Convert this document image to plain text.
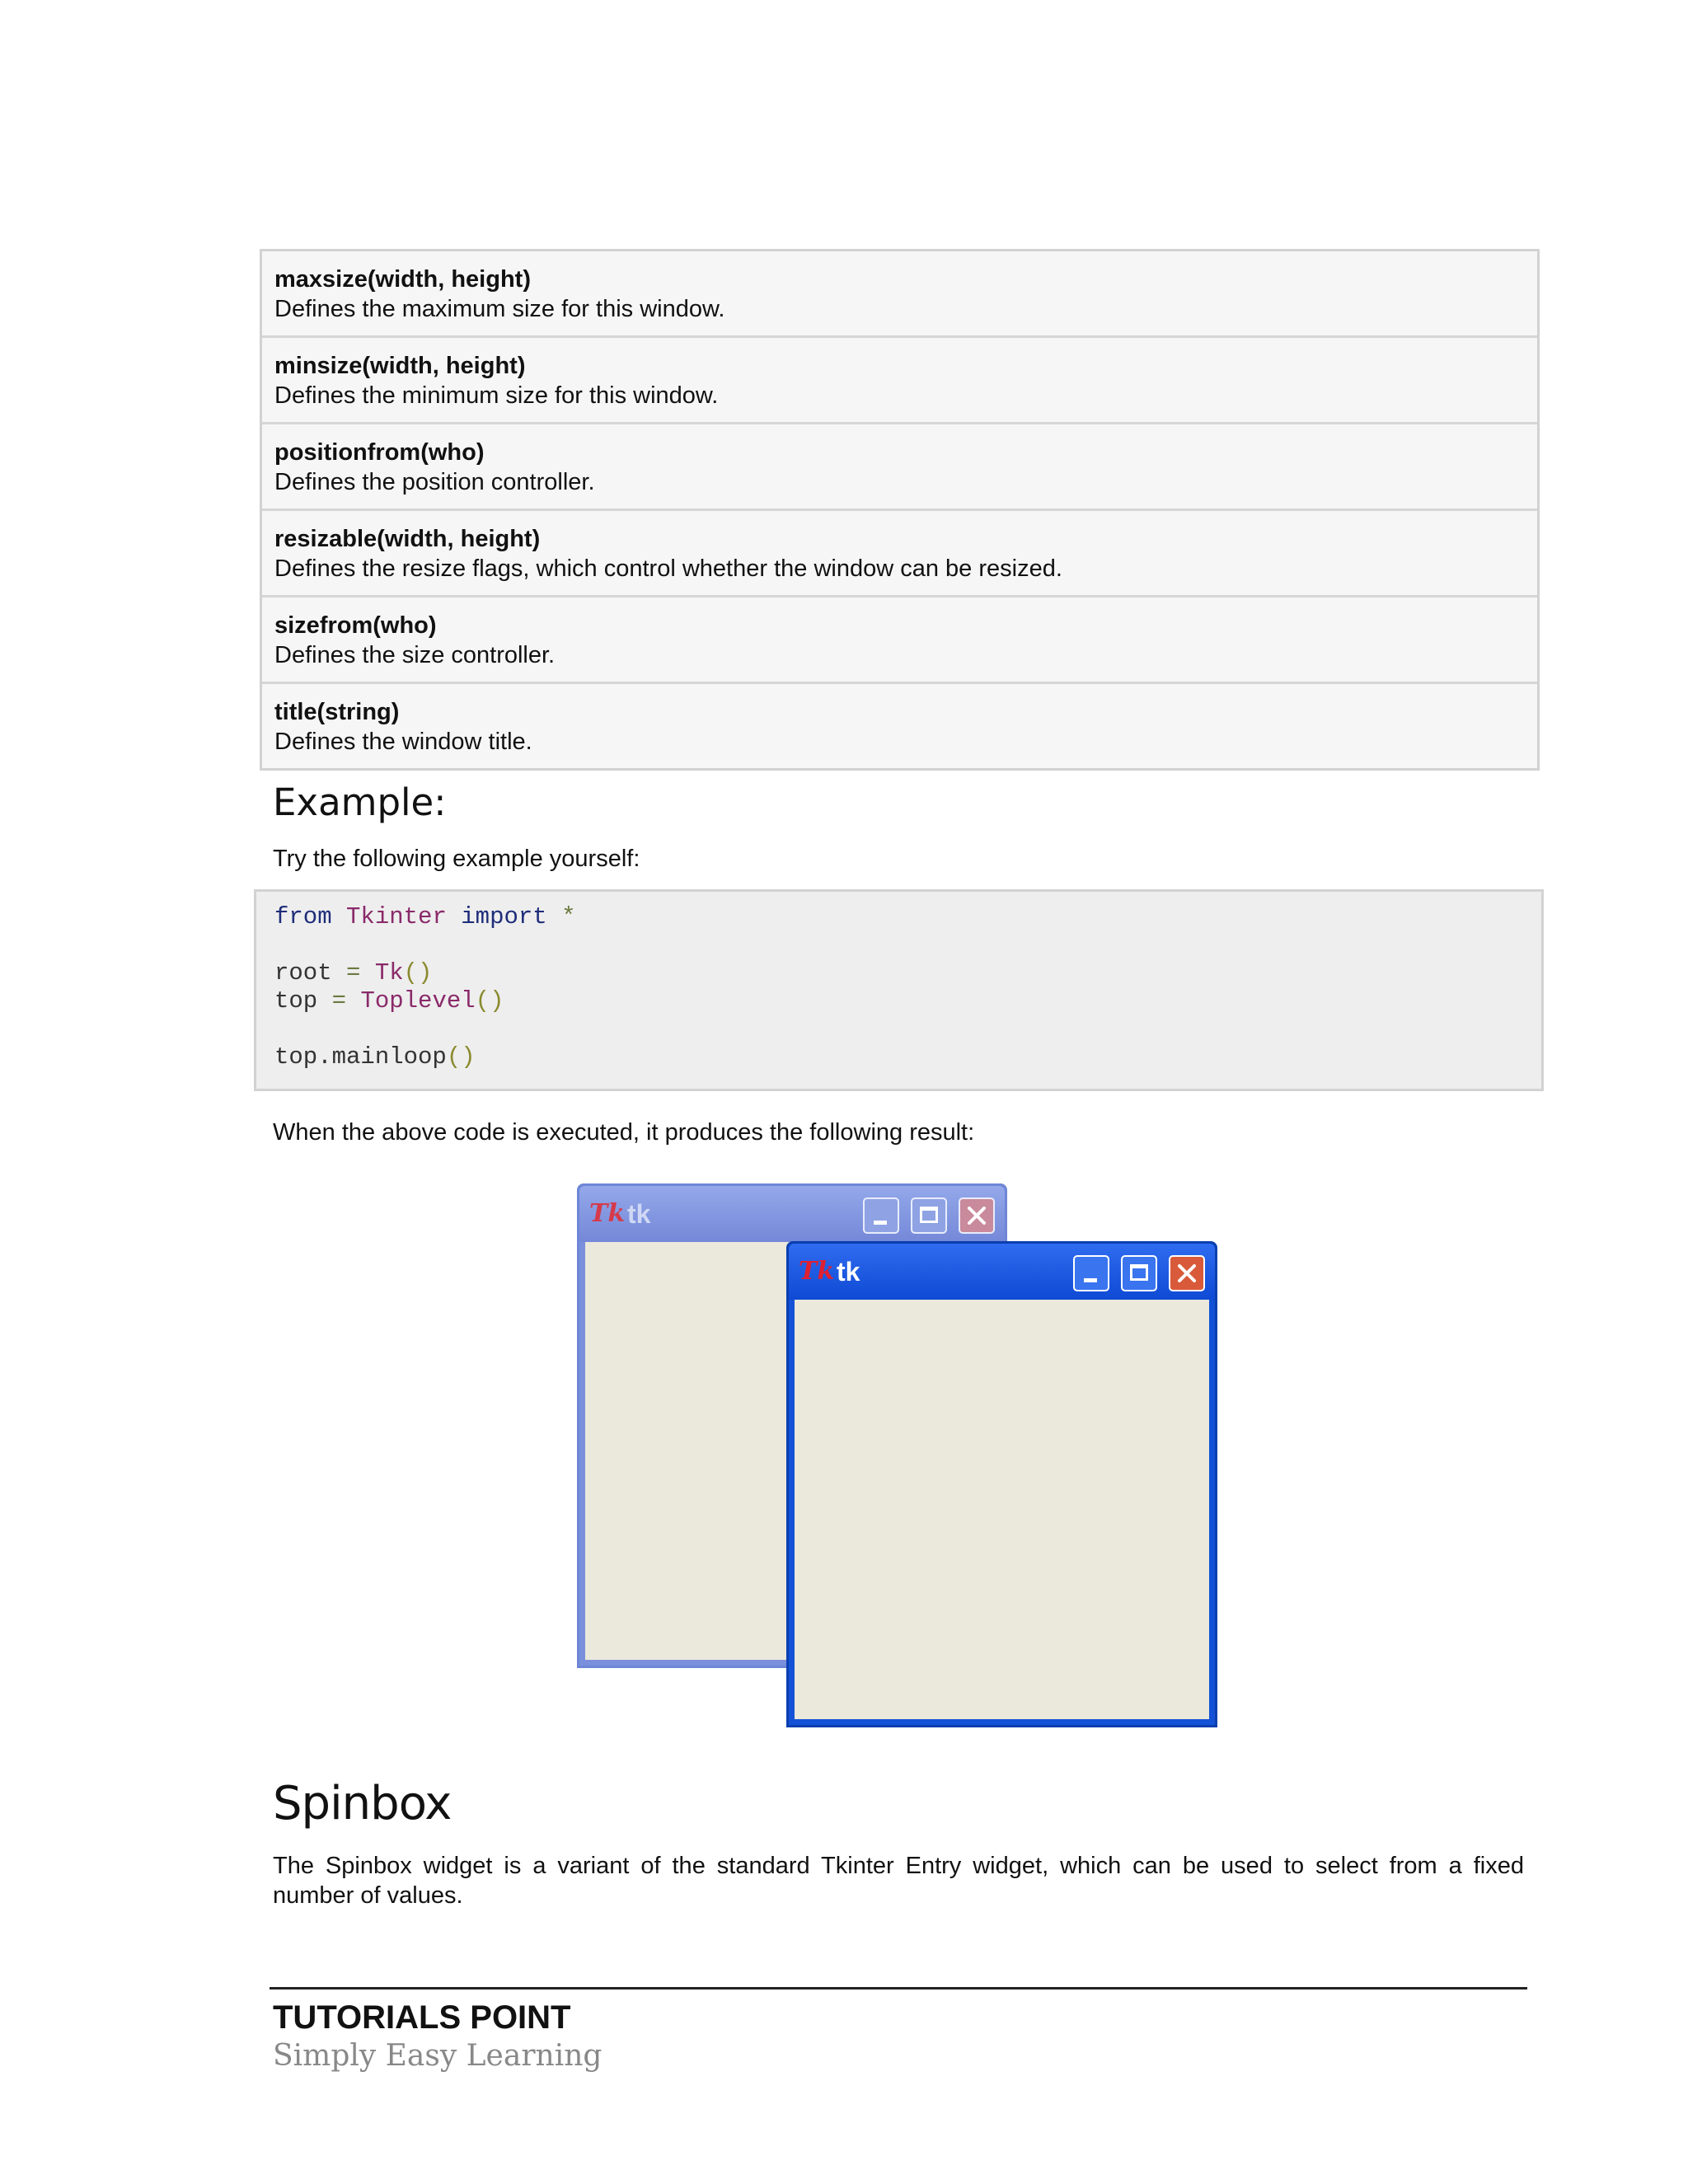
maxsize(width, height)
Defines the maximum size for this window.
minsize(width, height)
Defines the minimum size for this window.
positionfrom(who)
Defines the position controller.
resizable(width, height)
Defines the resize flags, which control whether the window can be resized.
sizefrom(who)
Defines the size controller.
title(string)
Defines the window title.
Example:

Try the following example yourself:

from Tkinter import *
root = Tk()
top = Toplevel()
top.mainloop()

When the above code is executed, it produces the following result:

Tk tk
Tk tk
Spinbox
The Spinbox widget is a variant of the standard Tkinter Entry widget, which can be used to select from a fixed
number of values.
TUTORIALS POINT
Simply Easy Learning
